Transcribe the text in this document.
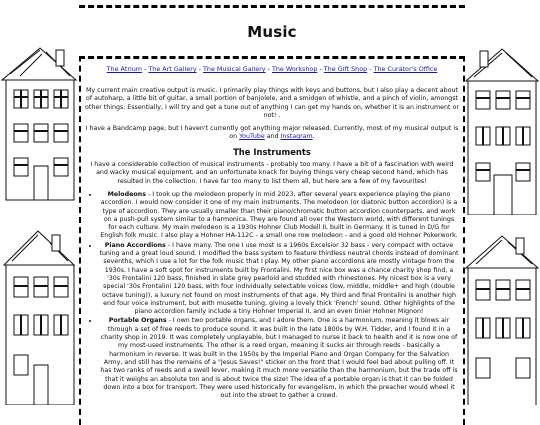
Music
The Atrium - The Art Gallery - The Musical Gallery - The Workshop - The Gift Shop - The Curator's Office

My current main creative output is music. I primarily play things with keys and buttons, but I also play a decent about of autoharp, a little bit of guitar, a small portion of banjolele, and a smidgen of whistle, and a pinch of violin, amongst other things. Essentially, I will try and get a tune out of anything I can get my hands on, whether it is an instrument or not! .

I have a Bandcamp page, but I haven't currently got anything major released. Currently, most of my musical output is on YouTube and Instagram.

The Instruments

I have a considerable collection of musical instruments - probably too many. I have a bit of a fascination with weird and wacky musical equipment, and an unfortunate knack for buying things very cheap second hand, which has resulted in the collection. I have far too many to list them all, but here are a few of my favourites!

• Melodeons - I took up the melodeon properly in mid 2023, after several years experience playing the piano accordion. I would now consider it one of my main instruments. The melodeon (or diatonic button accordion) is a type of accordion. They are usually smaller than their piano/chromatic button accordion counterparts, and work on a push-pull system similar to a harmonica. They are found all over the Western world, with different tunings for each culture. My main melodeon is a 1930s Hohner Club Modell II, built in Germany. It is tuned in D/G for English folk music. I also play a Hohner HA-112C - a small one row melodeon - and a good old Hohner Pokerwork.
• Piano Accordions - I have many. The one I use most is a 1960s Excelsior 32 bass - very compact with octave tuning and a great loud sound. I modified the bass system to feature thirdless neutral chords instead of dominant sevenths, which I use a lot for the folk music that I play. My other piano accordions are mostly vintage from the 1930s. I have a soft spot for instruments built by Frontalini. My first nice box was a chance charity shop find, a '30s Frontalini 120 bass, finished in slate grey pearloid and studded with rhinestones. My nicest box is a very special '30s Frontalini 120 bass, with four individually selectable voices (low, middle, middle+ and high (double octave tuning)), a luxury not found on most instruments of that age. My third and final Frontalini is another high end four voice instrument, but with musette tuning, giving a lovely thick 'French' sound. Other highlights of the piano accordion family include a tiny Hohner Imperial II, and an even tinier Hohner Mignon!
• Portable Organs - I own two portable organs, and I adore them. One is a harmonium, meaning it blows air through a set of free reeds to produce sound. It was built in the late 1800s by W.H. Tidder, and I found it in a charity shop in 2019. It was completely unplayable, but I managed to nurse it back to health and it is now one of my most-used instruments. The other is a reed organ, meaning it sucks air through reeds - basically a harmonium in reverse. It was built in the 1950s by the Imperial Piano and Organ Company for the Salvation Army, and still has the remains of a "Jesus Saves!" sticker on the front that I would feel bad about pulling off. It has two ranks of reeds and a swell lever, making it much more versatile than the harmonium, but the trade off is that it weighs an absolute ton and is about twice the size! The idea of a portable organ is that it can be folded down into a box for transport. They were used historically for evangelism, in which the preacher would wheel it out into the street to gather a crowd.
